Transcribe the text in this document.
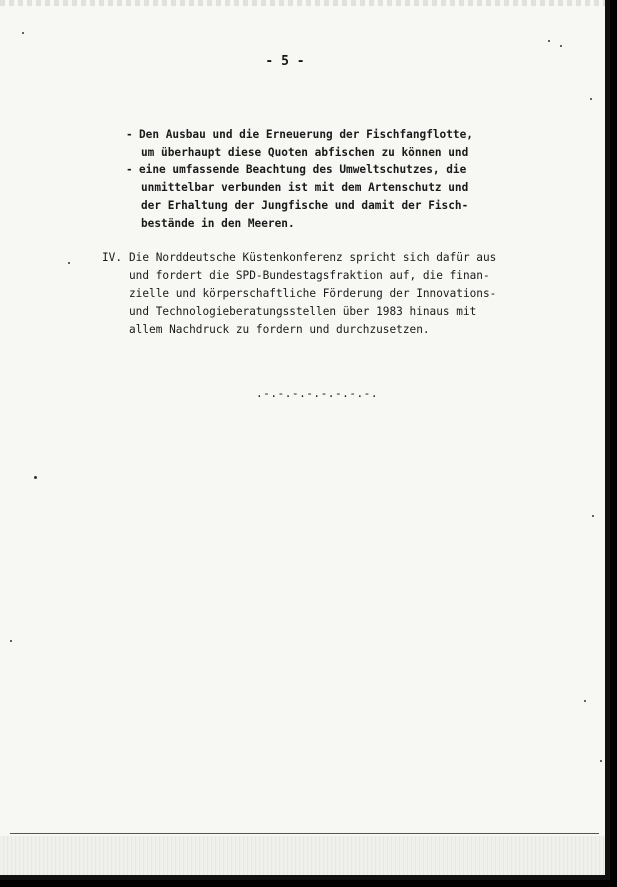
- 5 -

-

Den Ausbau und die Erneuerung der Fischfangflotte,

um überhaupt diese Quoten abfischen zu können und

-

eine umfassende Beachtung des Umweltschutzes, die

unmittelbar verbunden ist mit dem Artenschutz und

der Erhaltung der Jungfische und damit der Fisch-

bestände in den Meeren.

IV.

Die Norddeutsche Küstenkonferenz spricht sich dafür aus

und fordert die SPD-Bundestagsfraktion auf, die finan-

zielle und körperschaftliche Förderung der Innovations-

und Technologieberatungsstellen über 1983 hinaus mit

allem Nachdruck zu fordern und durchzusetzen.

.-.-.-.-.-.-.-.-.
